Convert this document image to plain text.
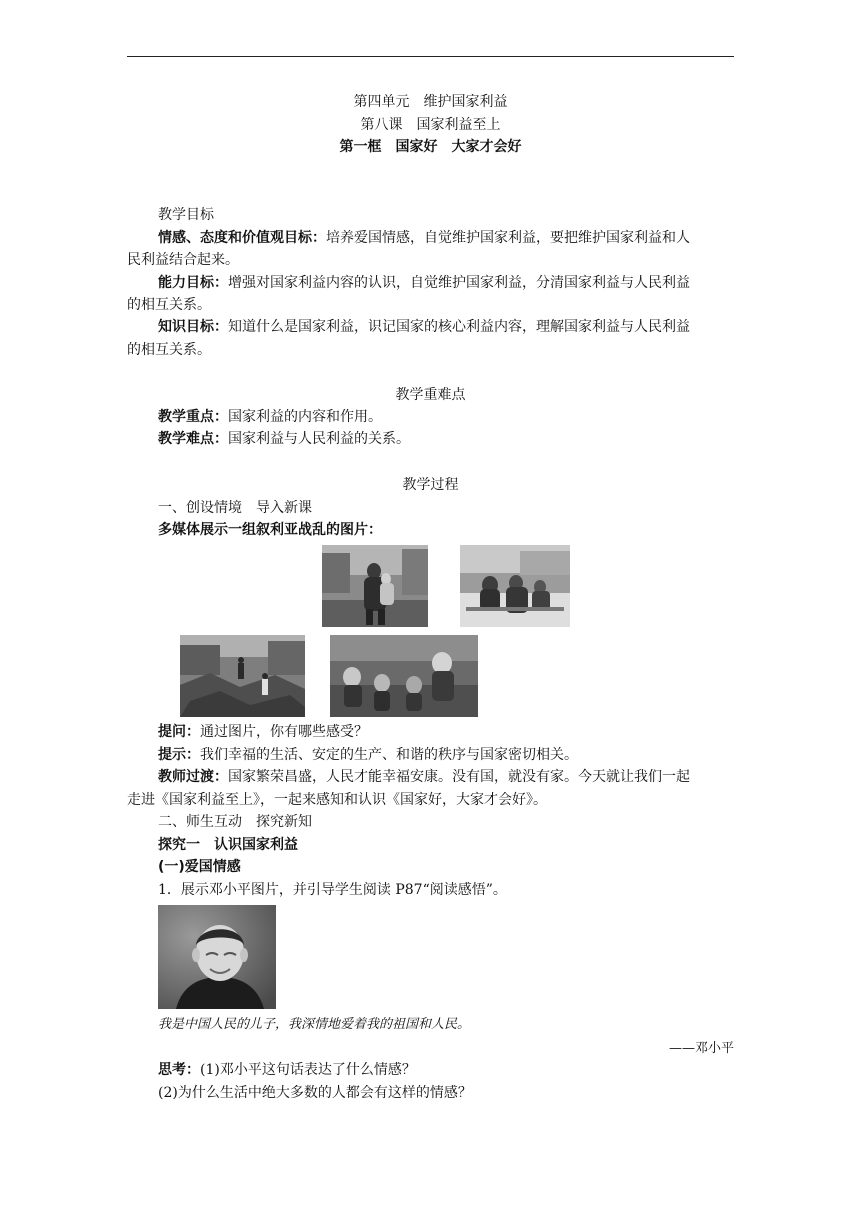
第四单元　维护国家利益
第八课　国家利益至上
第一框　国家好　大家才会好
教学目标
情感、态度和价值观目标：培养爱国情感，自觉维护国家利益，要把维护国家利益和人
民利益结合起来。
能力目标：增强对国家利益内容的认识，自觉维护国家利益，分清国家利益与人民利益
的相互关系。
知识目标：知道什么是国家利益，识记国家的核心利益内容，理解国家利益与人民利益
的相互关系。
教学重难点
教学重点：国家利益的内容和作用。
教学难点：国家利益与人民利益的关系。
教学过程
一、创设情境　导入新课
多媒体展示一组叙利亚战乱的图片：
提问：通过图片，你有哪些感受？
提示：我们幸福的生活、安定的生产、和谐的秩序与国家密切相关。
教师过渡：国家繁荣昌盛，人民才能幸福安康。没有国，就没有家。今天就让我们一起
走进《国家利益至上》，一起来感知和认识《国家好，大家才会好》。
二、师生互动　探究新知
探究一　认识国家利益
(一)爱国情感
1．展示邓小平图片，并引导学生阅读 P87“阅读感悟”。
我是中国人民的儿子，我深情地爱着我的祖国和人民。
——邓小平
思考：(1)邓小平这句话表达了什么情感？
(2)为什么生活中绝大多数的人都会有这样的情感？
